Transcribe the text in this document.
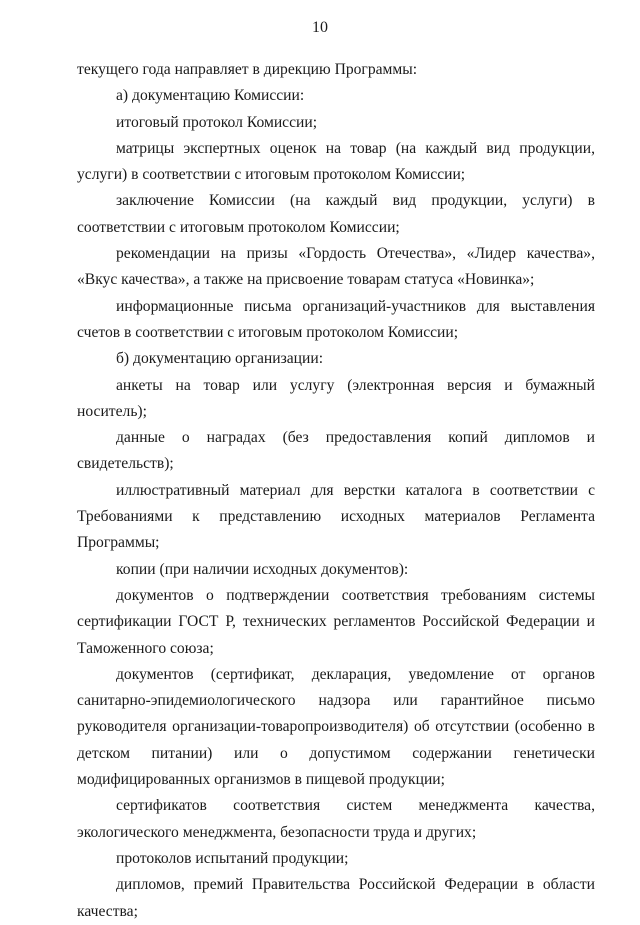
10

текущего года направляет в дирекцию Программы:

а) документацию Комиссии:

итоговый протокол Комиссии;

матрицы экспертных оценок на товар (на каждый вид продукции, услуги) в соответствии с итоговым протоколом Комиссии;

заключение Комиссии (на каждый вид продукции, услуги) в соответствии с итоговым протоколом Комиссии;

рекомендации на призы «Гордость Отечества», «Лидер качества», «Вкус качества», а также на присвоение товарам статуса «Новинка»;

информационные письма организаций-участников для выставления счетов в соответствии с итоговым протоколом Комиссии;

б) документацию организации:

анкеты на товар или услугу (электронная версия и бумажный носитель);

данные о наградах (без предоставления копий дипломов и свидетельств);

иллюстративный материал для верстки каталога в соответствии с Требованиями к представлению исходных материалов Регламента Программы;

копии (при наличии исходных документов):

документов о подтверждении соответствия требованиям системы сертификации ГОСТ Р, технических регламентов Российской Федерации и Таможенного союза;

документов (сертификат, декларация, уведомление от органов санитарно-эпидемиологического надзора или гарантийное письмо руководителя организации-товаропроизводителя) об отсутствии (особенно в детском питании) или о допустимом содержании генетически модифицированных организмов в пищевой продукции;

сертификатов соответствия систем менеджмента качества, экологического менеджмента, безопасности труда и других;

протоколов испытаний продукции;

дипломов, премий Правительства Российской Федерации в области качества;
